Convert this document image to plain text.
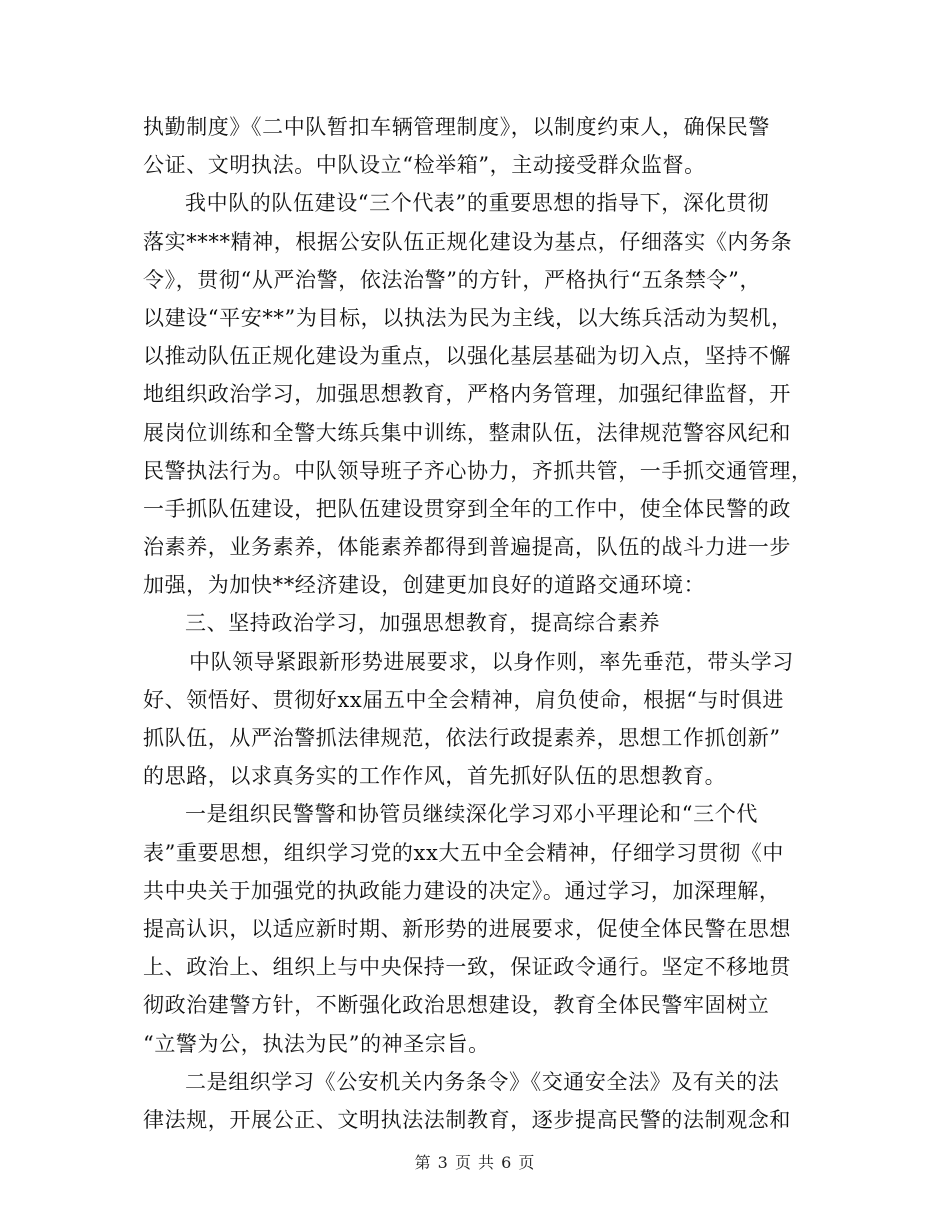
执勤制度》《二中队暂扣车辆管理制度》，以制度约束人，确保民警
公证、文明执法。中队设立“检举箱”，主动接受群众监督。
我中队的队伍建设“三个代表”的重要思想的指导下，深化贯彻
落实****精神，根据公安队伍正规化建设为基点，仔细落实《内务条
令》，贯彻“从严治警，依法治警”的方针，严格执行“五条禁令”，
以建设“平安**”为目标，以执法为民为主线，以大练兵活动为契机，
以推动队伍正规化建设为重点，以强化基层基础为切入点，坚持不懈
地组织政治学习，加强思想教育，严格内务管理，加强纪律监督，开
展岗位训练和全警大练兵集中训练，整肃队伍，法律规范警容风纪和
民警执法行为。中队领导班子齐心协力，齐抓共管，一手抓交通管理，
一手抓队伍建设，把队伍建设贯穿到全年的工作中，使全体民警的政
治素养，业务素养，体能素养都得到普遍提高，队伍的战斗力进一步
加强，为加快**经济建设，创建更加良好的道路交通环境：
三、坚持政治学习，加强思想教育，提高综合素养
中队领导紧跟新形势进展要求，以身作则，率先垂范，带头学习
好、领悟好、贯彻好xx届五中全会精神，肩负使命，根据“与时俱进
抓队伍，从严治警抓法律规范，依法行政提素养，思想工作抓创新”
的思路，以求真务实的工作作风，首先抓好队伍的思想教育。
一是组织民警警和协管员继续深化学习邓小平理论和“三个代
表”重要思想，组织学习党的xx大五中全会精神，仔细学习贯彻《中
共中央关于加强党的执政能力建设的决定》。通过学习，加深理解，
提高认识，以适应新时期、新形势的进展要求，促使全体民警在思想
上、政治上、组织上与中央保持一致，保证政令通行。坚定不移地贯
彻政治建警方针，不断强化政治思想建设，教育全体民警牢固树立
“立警为公，执法为民”的神圣宗旨。
二是组织学习《公安机关内务条令》《交通安全法》及有关的法
律法规，开展公正、文明执法法制教育，逐步提高民警的法制观念和
第 3 页 共 6 页
